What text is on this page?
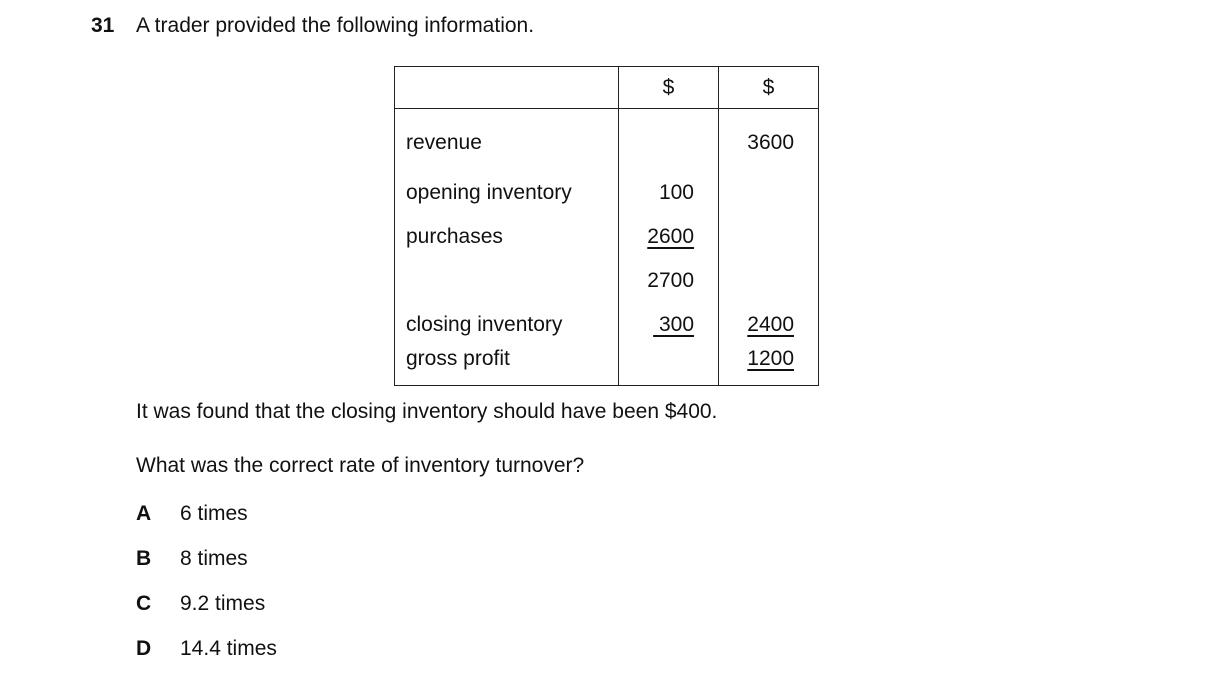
31 A trader provided the following information.
	$	$
revenue		3600
opening inventory	100	
purchases	2600	
	2700	
closing inventory	300	2400
gross profit		1200
It was found that the closing inventory should have been $400.
What was the correct rate of inventory turnover?
A 6 times
B 8 times
C 9.2 times
D 14.4 times
